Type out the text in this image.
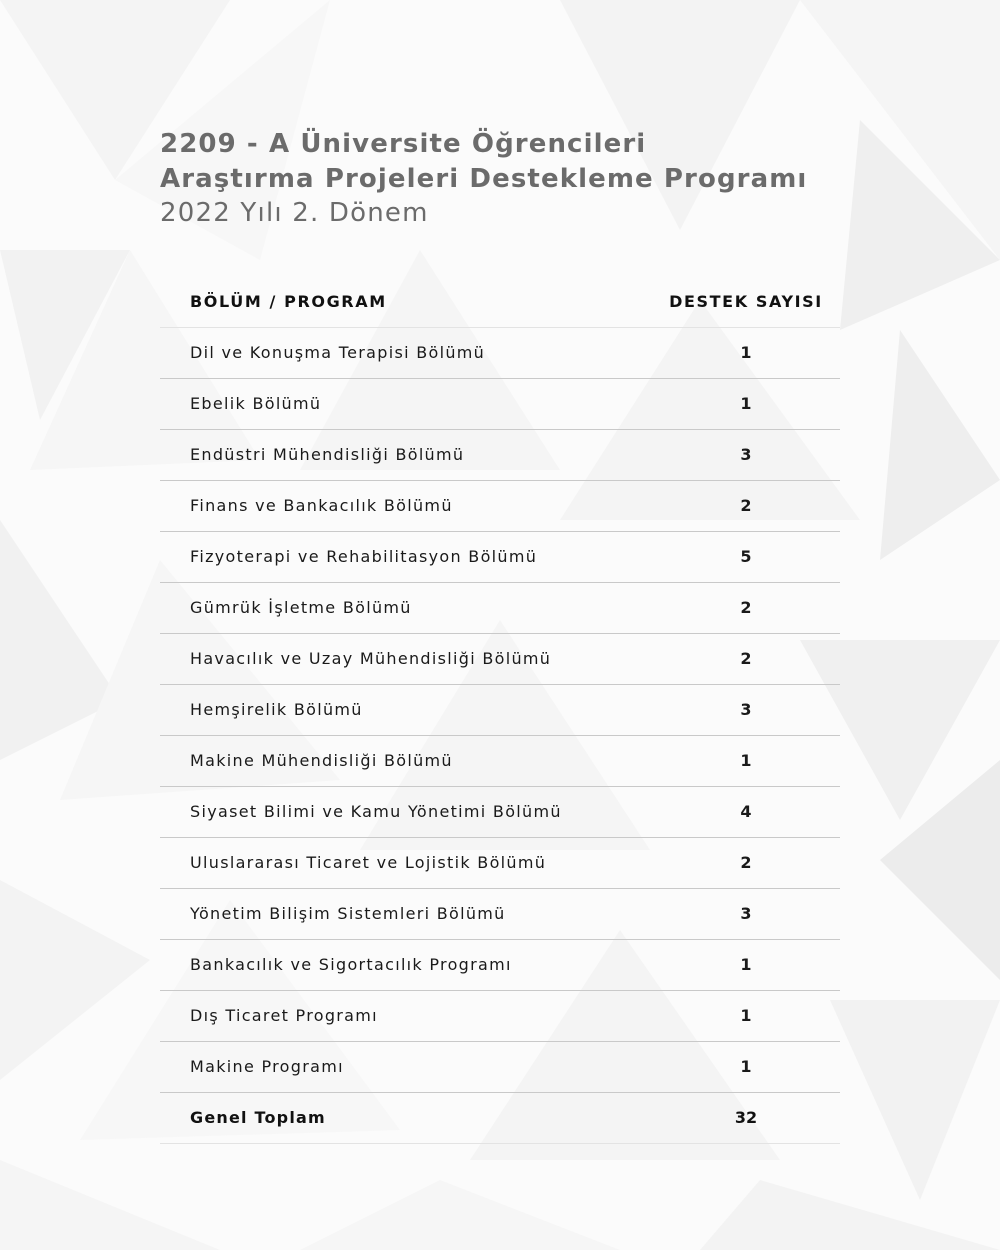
2209 - A Üniversite Öğrencileri
Araştırma Projeleri Destekleme Programı
2022 Yılı 2. Dönem
BÖLÜM / PROGRAM	DESTEK SAYISI
Dil ve Konuşma Terapisi Bölümü	1
Ebelik Bölümü	1
Endüstri Mühendisliği Bölümü	3
Finans ve Bankacılık Bölümü	2
Fizyoterapi ve Rehabilitasyon Bölümü	5
Gümrük İşletme Bölümü	2
Havacılık ve Uzay Mühendisliği Bölümü	2
Hemşirelik Bölümü	3
Makine Mühendisliği Bölümü	1
Siyaset Bilimi ve Kamu Yönetimi Bölümü	4
Uluslararası Ticaret ve Lojistik Bölümü	2
Yönetim Bilişim Sistemleri Bölümü	3
Bankacılık ve Sigortacılık Programı	1
Dış Ticaret Programı	1
Makine Programı	1
Genel Toplam	32
